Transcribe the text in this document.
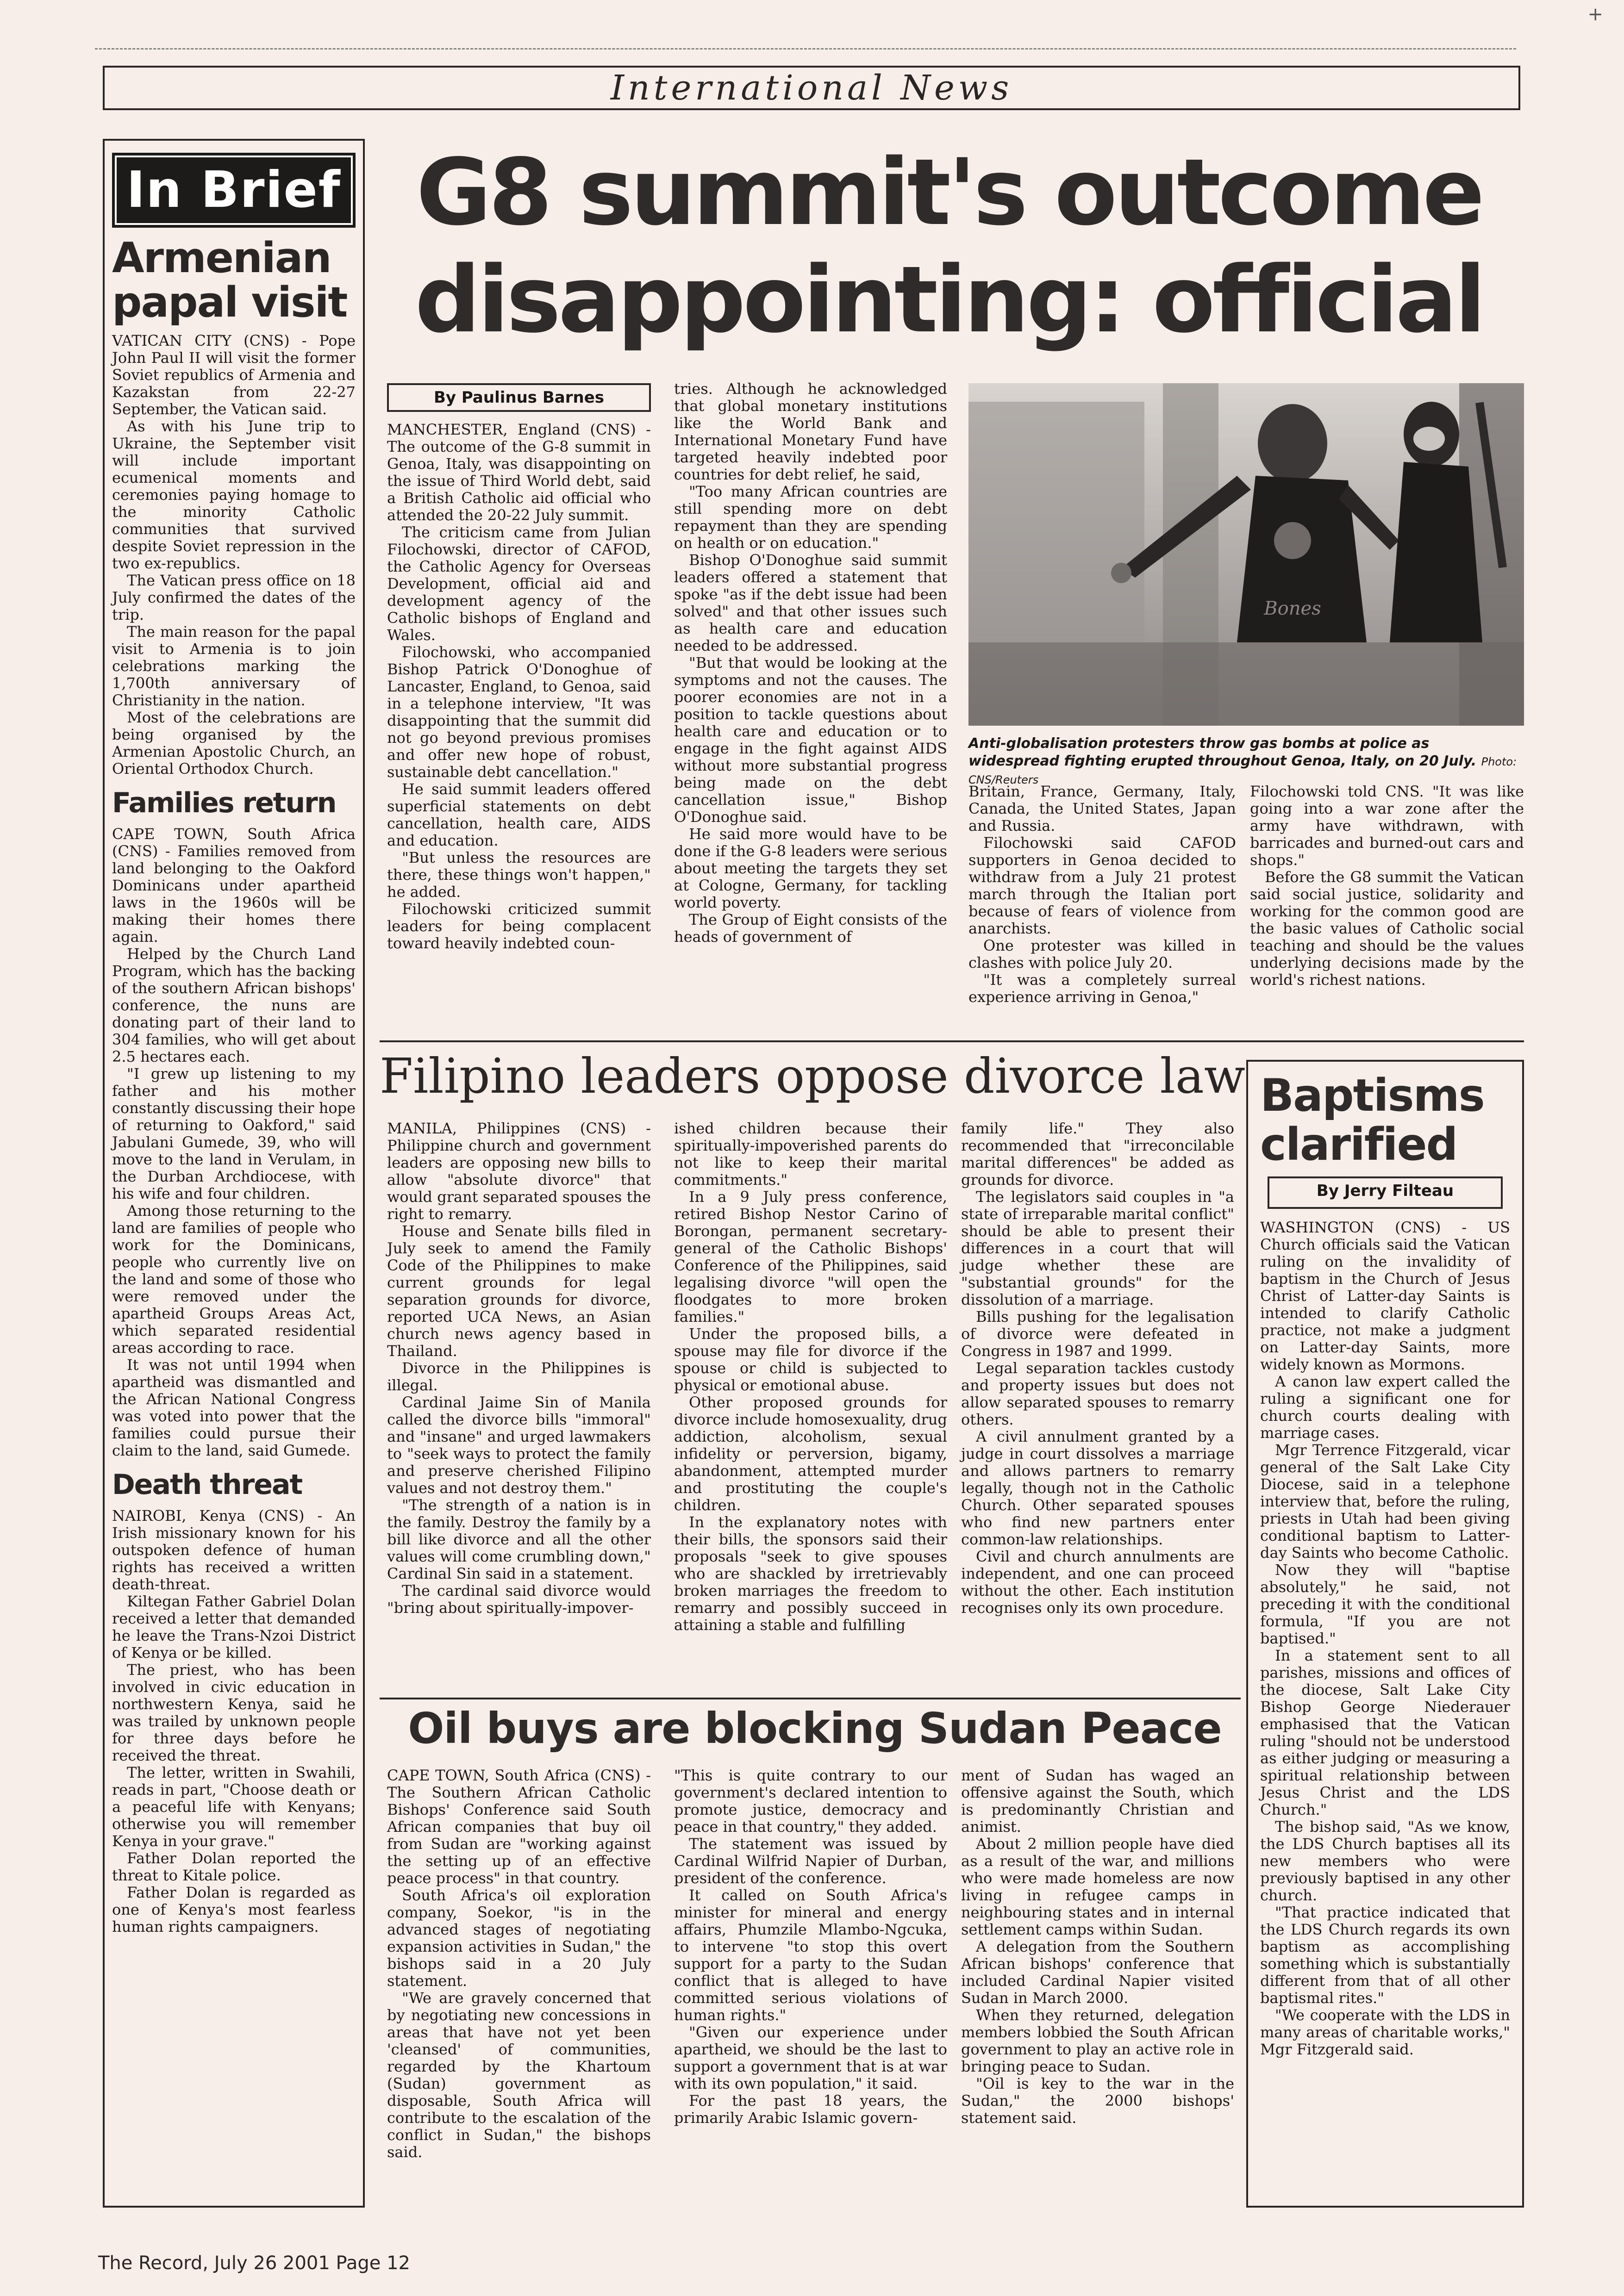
+
International News
In Brief
Armenian papal visit

VATICAN CITY (CNS) - Pope John Paul II will visit the former Soviet republics of Armenia and Kazakstan from 22-27 September, the Vatican said.

As with his June trip to Ukraine, the September visit will include important ecumenical moments and ceremonies paying homage to the minority Catholic communities that survived despite Soviet repression in the two ex-republics.

The Vatican press office on 18 July confirmed the dates of the trip.

The main reason for the papal visit to Armenia is to join celebrations marking the 1,700th anniversary of Christianity in the nation.

Most of the celebrations are being organised by the Armenian Apostolic Church, an Oriental Orthodox Church.

Families return

CAPE TOWN, South Africa (CNS) - Families removed from land belonging to the Oakford Dominicans under apartheid laws in the 1960s will be making their homes there again.

Helped by the Church Land Program, which has the backing of the southern African bishops' conference, the nuns are donating part of their land to 304 families, who will get about 2.5 hectares each.

"I grew up listening to my father and his mother constantly discussing their hope of returning to Oakford," said Jabulani Gumede, 39, who will move to the land in Verulam, in the Durban Archdiocese, with his wife and four children.

Among those returning to the land are families of people who work for the Dominicans, people who currently live on the land and some of those who were removed under the apartheid Groups Areas Act, which separated residential areas according to race.

It was not until 1994 when apartheid was dismantled and the African National Congress was voted into power that the families could pursue their claim to the land, said Gumede.

Death threat

NAIROBI, Kenya (CNS) - An Irish missionary known for his outspoken defence of human rights has received a written death-threat.

Kiltegan Father Gabriel Dolan received a letter that demanded he leave the Trans-Nzoi District of Kenya or be killed.

The priest, who has been involved in civic education in northwestern Kenya, said he was trailed by unknown people for three days before he received the threat.

The letter, written in Swahili, reads in part, "Choose death or a peaceful life with Kenyans; otherwise you will remember Kenya in your grave."

Father Dolan reported the threat to Kitale police.

Father Dolan is regarded as one of Kenya's most fearless human rights campaigners.

G8 summit's outcome
disappointing: official
By Paulinus Barnes

MANCHESTER, England (CNS) - The outcome of the G-8 summit in Genoa, Italy, was disappointing on the issue of Third World debt, said a British Catholic aid official who attended the 20-22 July summit.

The criticism came from Julian Filochowski, director of CAFOD, the Catholic Agency for Overseas Development, official aid and development agency of the Catholic bishops of England and Wales.

Filochowski, who accompanied Bishop Patrick O'Donoghue of Lancaster, England, to Genoa, said in a telephone interview, "It was disappointing that the summit did not go beyond previous promises and offer new hope of robust, sustainable debt cancellation."

He said summit leaders offered superficial statements on debt cancellation, health care, AIDS and education.

"But unless the resources are there, these things won't happen," he added.

Filochowski criticized summit leaders for being complacent toward heavily indebted coun-

tries. Although he acknowledged that global monetary institutions like the World Bank and International Monetary Fund have targeted heavily indebted poor countries for debt relief, he said,

"Too many African countries are still spending more on debt repayment than they are spending on health or on education."

Bishop O'Donoghue said summit leaders offered a statement that spoke "as if the debt issue had been solved" and that other issues such as health care and education needed to be addressed.

"But that would be looking at the symptoms and not the causes. The poorer economies are not in a position to tackle questions about health care and education or to engage in the fight against AIDS without more substantial progress being made on the debt cancellation issue," Bishop O'Donoghue said.

He said more would have to be done if the G-8 leaders were serious about meeting the targets they set at Cologne, Germany, for tackling world poverty.

The Group of Eight consists of the heads of government of

Bones
Anti-globalisation protesters throw gas bombs at police as widespread fighting erupted throughout Genoa, Italy, on 20 July. Photo: CNS/Reuters

Britain, France, Germany, Italy, Canada, the United States, Japan and Russia.

Filochowski said CAFOD supporters in Genoa decided to withdraw from a July 21 protest march through the Italian port because of fears of violence from anarchists.

One protester was killed in clashes with police July 20.

"It was a completely surreal experience arriving in Genoa,"

Filochowski told CNS. "It was like going into a war zone after the army have withdrawn, with barricades and burned-out cars and shops."

Before the G8 summit the Vatican said social justice, solidarity and working for the common good are the basic values of Catholic social teaching and should be the values underlying decisions made by the world's richest nations.

Filipino leaders oppose divorce law

MANILA, Philippines (CNS) - Philippine church and government leaders are opposing new bills to allow "absolute divorce" that would grant separated spouses the right to remarry.

House and Senate bills filed in July seek to amend the Family Code of the Philippines to make current grounds for legal separation grounds for divorce, reported UCA News, an Asian church news agency based in Thailand.

Divorce in the Philippines is illegal.

Cardinal Jaime Sin of Manila called the divorce bills "immoral" and "insane" and urged lawmakers to "seek ways to protect the family and preserve cherished Filipino values and not destroy them."

"The strength of a nation is in the family. Destroy the family by a bill like divorce and all the other values will come crumbling down," Cardinal Sin said in a statement.

The cardinal said divorce would "bring about spiritually-impover-

ished children because their spiritually-impoverished parents do not like to keep their marital commitments."

In a 9 July press conference, retired Bishop Nestor Carino of Borongan, permanent secretary-general of the Catholic Bishops' Conference of the Philippines, said legalising divorce "will open the floodgates to more broken families."

Under the proposed bills, a spouse may file for divorce if the spouse or child is subjected to physical or emotional abuse.

Other proposed grounds for divorce include homosexuality, drug addiction, alcoholism, sexual infidelity or perversion, bigamy, abandonment, attempted murder and prostituting the couple's children.

In the explanatory notes with their bills, the sponsors said their proposals "seek to give spouses who are shackled by irretrievably broken marriages the freedom to remarry and possibly succeed in attaining a stable and fulfilling

family life." They also recommended that "irreconcilable marital differences" be added as grounds for divorce.

The legislators said couples in "a state of irreparable marital conflict" should be able to present their differences in a court that will judge whether these are "substantial grounds" for the dissolution of a marriage.

Bills pushing for the legalisation of divorce were defeated in Congress in 1987 and 1999.

Legal separation tackles custody and property issues but does not allow separated spouses to remarry others.

A civil annulment granted by a judge in court dissolves a marriage and allows partners to remarry legally, though not in the Catholic Church. Other separated spouses who find new partners enter common-law relationships.

Civil and church annulments are independent, and one can proceed without the other. Each institution recognises only its own procedure.

Baptisms
clarified
By Jerry Filteau

WASHINGTON (CNS) - US Church officials said the Vatican ruling on the invalidity of baptism in the Church of Jesus Christ of Latter-day Saints is intended to clarify Catholic practice, not make a judgment on Latter-day Saints, more widely known as Mormons.

A canon law expert called the ruling a significant one for church courts dealing with marriage cases.

Mgr Terrence Fitzgerald, vicar general of the Salt Lake City Diocese, said in a telephone interview that, before the ruling, priests in Utah had been giving conditional baptism to Latter-day Saints who become Catholic.

Now they will "baptise absolutely," he said, not preceding it with the conditional formula, "If you are not baptised."

In a statement sent to all parishes, missions and offices of the diocese, Salt Lake City Bishop George Niederauer emphasised that the Vatican ruling "should not be understood as either judging or measuring a spiritual relationship between Jesus Christ and the LDS Church."

The bishop said, "As we know, the LDS Church baptises all its new members who were previously baptised in any other church.

"That practice indicated that the LDS Church regards its own baptism as accomplishing something which is substantially different from that of all other baptismal rites."

"We cooperate with the LDS in many areas of charitable works," Mgr Fitzgerald said.

Oil buys are blocking Sudan Peace

CAPE TOWN, South Africa (CNS) - The Southern African Catholic Bishops' Conference said South African companies that buy oil from Sudan are "working against the setting up of an effective peace process" in that country.

South Africa's oil exploration company, Soekor, "is in the advanced stages of negotiating expansion activities in Sudan," the bishops said in a 20 July statement.

"We are gravely concerned that by negotiating new concessions in areas that have not yet been 'cleansed' of communities, regarded by the Khartoum (Sudan) government as disposable, South Africa will contribute to the escalation of the conflict in Sudan," the bishops said.

"This is quite contrary to our government's declared intention to promote justice, democracy and peace in that country," they added.

The statement was issued by Cardinal Wilfrid Napier of Durban, president of the conference.

It called on South Africa's minister for mineral and energy affairs, Phumzile Mlambo-Ngcuka, to intervene "to stop this overt support for a party to the Sudan conflict that is alleged to have committed serious violations of human rights."

"Given our experience under apartheid, we should be the last to support a government that is at war with its own population," it said.

For the past 18 years, the primarily Arabic Islamic govern-

ment of Sudan has waged an offensive against the South, which is predominantly Christian and animist.

About 2 million people have died as a result of the war, and millions who were made homeless are now living in refugee camps in neighbouring states and in internal settlement camps within Sudan.

A delegation from the Southern African bishops' conference that included Cardinal Napier visited Sudan in March 2000.

When they returned, delegation members lobbied the South African government to play an active role in bringing peace to Sudan.

"Oil is key to the war in the Sudan," the 2000 bishops' statement said.

The Record, July 26 2001 Page 12
